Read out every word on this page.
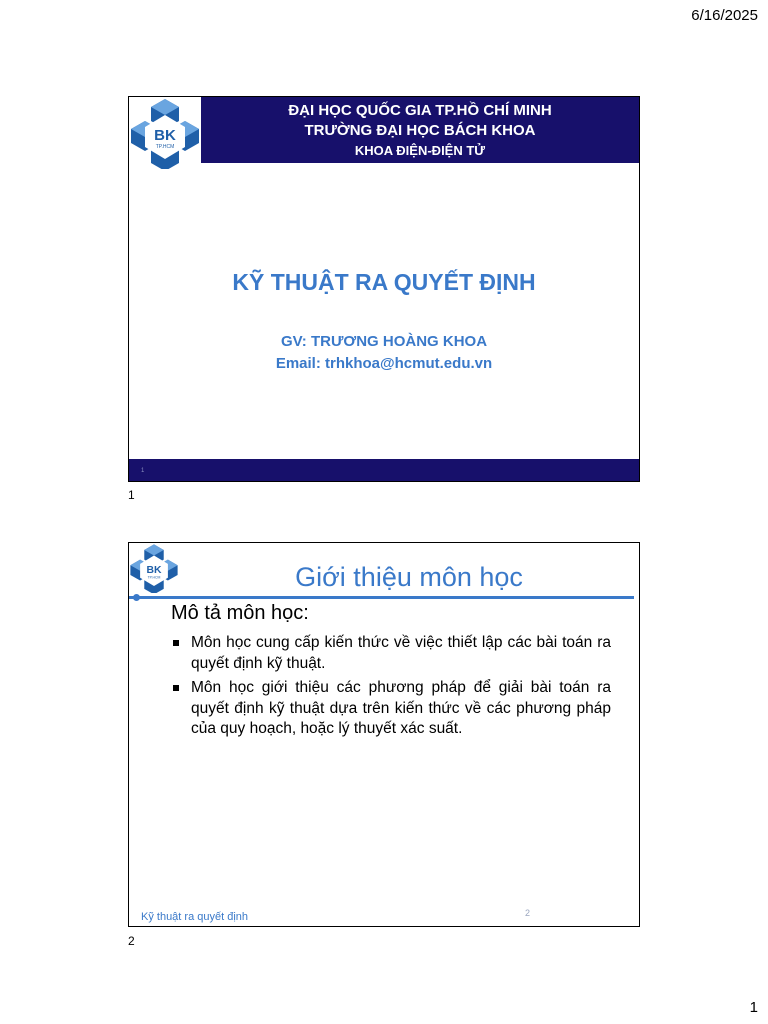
6/16/2025
BK
TP.HCM
ĐẠI HỌC QUỐC GIA TP.HỒ CHÍ MINH
TRƯỜNG ĐẠI HỌC BÁCH KHOA
KHOA ĐIỆN-ĐIỆN TỬ
KỸ THUẬT RA QUYẾT ĐỊNH
GV: TRƯƠNG HOÀNG KHOA
Email: trhkhoa@hcmut.edu.vn
1
1
BK
TP.HCM	Giới thiệu môn học
Mô tả môn học:
Môn học cung cấp kiến thức về việc thiết lập các bài toán ra quyết định kỹ thuật.
Môn học giới thiệu các phương pháp để giải bài toán ra quyết định kỹ thuật dựa trên kiến thức về các phương pháp của quy hoạch, hoặc lý thuyết xác suất.
Kỹ thuật ra quyết định	2
2
1
